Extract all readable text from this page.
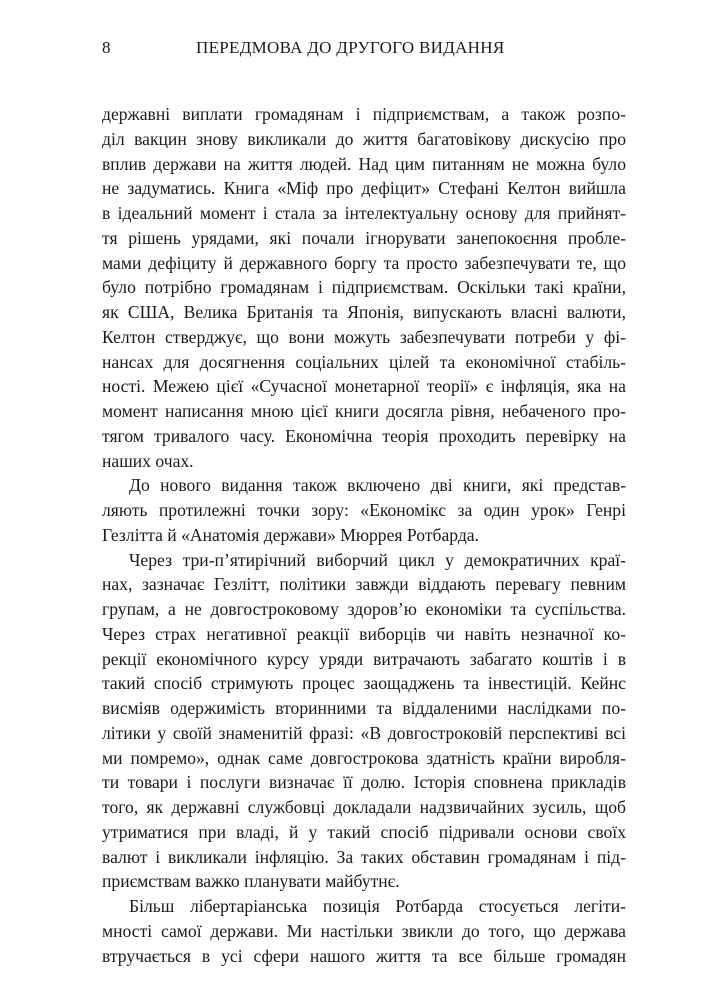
8	ПЕРЕДМОВА ДО ДРУГОГО ВИДАННЯ
державні виплати громадянам і підприємствам, а також розпо-
діл вакцин знову викликали до життя багатовікову дискусію про
вплив держави на життя людей. Над цим питанням не можна було
не задуматись. Книга «Міф про дефіцит» Стефані Келтон вийшла
в ідеальний момент і стала за інтелектуальну основу для прийнят-
тя рішень урядами, які почали ігнорувати занепокоєння пробле-
мами дефіциту й державного боргу та просто забезпечувати те, що
було потрібно громадянам і підприємствам. Оскільки такі країни,
як США, Велика Британія та Японія, випускають власні валюти,
Келтон стверджує, що вони можуть забезпечувати потреби у фі-
нансах для досягнення соціальних цілей та економічної стабіль-
ності. Межею цієї «Сучасної монетарної теорії» є інфляція, яка на
момент написання мною цієї книги досягла рівня, небаченого про-
тягом тривалого часу. Економічна теорія проходить перевірку на
наших очах.
До нового видання також включено дві книги, які представ-
ляють протилежні точки зору: «Економікс за один урок» Генрі
Гезлітта й «Анатомія держави» Мюррея Ротбарда.
Через три-п’ятирічний виборчий цикл у демократичних краї-
нах, зазначає Гезлітт, політики завжди віддають перевагу певним
групам, а не довгостроковому здоров’ю економіки та суспільства.
Через страх негативної реакції виборців чи навіть незначної ко-
рекції економічного курсу уряди витрачають забагато коштів і в
такий спосіб стримують процес заощаджень та інвестицій. Кейнс
висміяв одержимість вторинними та віддаленими наслідками по-
літики у своїй знаменитій фразі: «В довгостроковій перспективі всі
ми помремо», однак саме довгострокова здатність країни виробля-
ти товари і послуги визначає її долю. Історія сповнена прикладів
того, як державні службовці докладали надзвичайних зусиль, щоб
утриматися при владі, й у такий спосіб підривали основи своїх
валют і викликали інфляцію. За таких обставин громадянам і під-
приємствам важко планувати майбутнє.
Більш лібертаріанська позиція Ротбарда стосується легіти-
мності самої держави. Ми настільки звикли до того, що держава
втручається в усі сфери нашого життя та все більше громадян
